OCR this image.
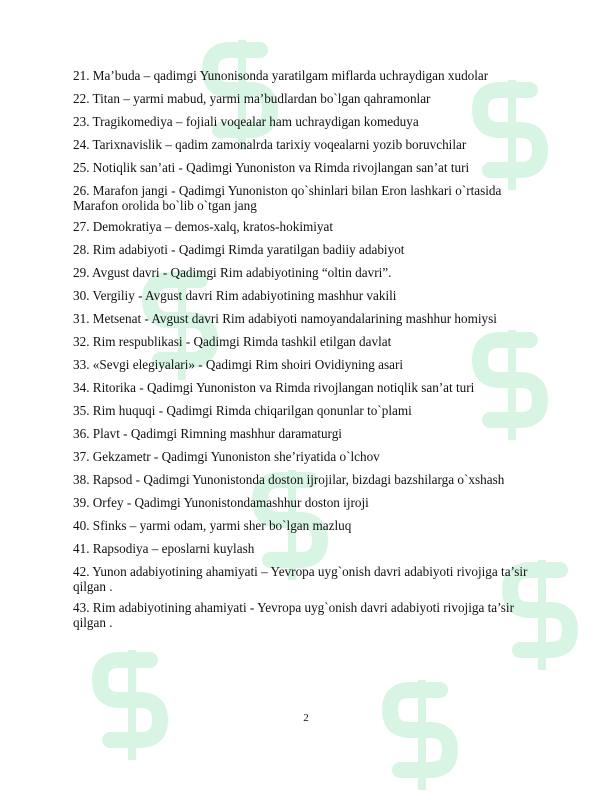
21. Ma’buda – qadimgi Yunonisonda yaratilgam miflarda uchraydigan xudolar

22. Titan – yarmi mabud, yarmi ma’budlardan bo`lgan qahramonlar

23. Tragikomediya – fojiali voqealar ham uchraydigan komeduya

24. Tarixnavislik – qadim zamonalrda tarixiy voqealarni yozib boruvchilar

25. Notiqlik san’ati - Qadimgi Yunoniston va Rimda rivojlangan san’at turi

26. Marafon jangi - Qadimgi Yunoniston qo`shinlari bilan Eron lashkari o`rtasida Marafon orolida bo`lib o`tgan jang

27. Demokratiya – demos-xalq, kratos-hokimiyat

28. Rim adabiyoti - Qadimgi Rimda yaratilgan badiiy adabiyot

29. Avgust davri - Qadimgi Rim adabiyotining “oltin davri”.

30. Vergiliy - Avgust davri Rim adabiyotining mashhur vakili

31. Metsenat - Avgust davri Rim adabiyoti namoyandalarining mashhur homiysi

32. Rim respublikasi - Qadimgi Rimda tashkil etilgan davlat

33. «Sevgi elegiyalari» - Qadimgi Rim shoiri Ovidiyning asari

34. Ritorika - Qadimgi Yunoniston va Rimda rivojlangan notiqlik san’at turi

35. Rim huquqi - Qadimgi Rimda chiqarilgan qonunlar to`plami

36. Plavt - Qadimgi Rimning mashhur daramaturgi

37. Gekzametr - Qadimgi Yunoniston she’riyatida o`lchov

38. Rapsod - Qadimgi Yunonistonda doston ijrojilar, bizdagi bazshilarga o`xshash

39. Orfey - Qadimgi Yunonistondamashhur doston ijroji

40. Sfinks – yarmi odam, yarmi sher bo`lgan mazluq

41. Rapsodiya – eposlarni kuylash

42. Yunon adabiyotining ahamiyati – Yevropa uyg`onish davri adabiyoti rivojiga ta’sir qilgan .

43. Rim adabiyotining ahamiyati - Yevropa uyg`onish davri adabiyoti rivojiga ta’sir qilgan .

2
